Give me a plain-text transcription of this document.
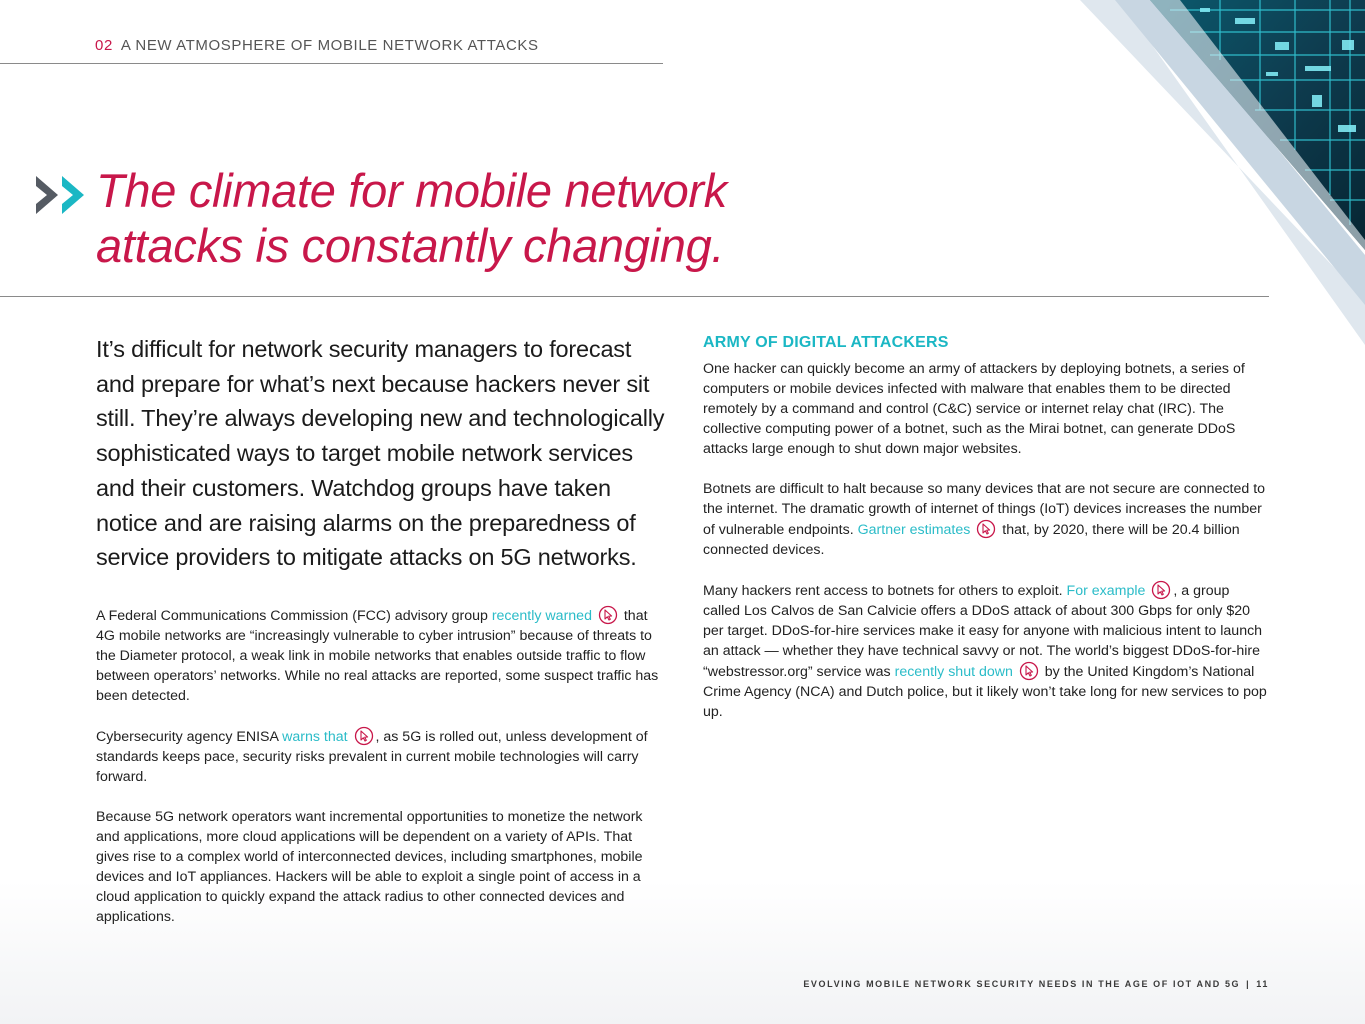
02 A NEW ATMOSPHERE OF MOBILE NETWORK ATTACKS
The climate for mobile network
attacks is constantly changing.

It’s difficult for network security managers to forecast and prepare for what’s next because hackers never sit still. They’re always developing new and technologically sophisticated ways to target mobile network services and their customers. Watchdog groups have taken notice and are raising alarms on the preparedness of service providers to mitigate attacks on 5G networks.

A Federal Communications Commission (FCC) advisory group recently warned  that 4G mobile networks are “increasingly vulnerable to cyber intrusion” because of threats to the Diameter protocol, a weak link in mobile networks that enables outside traffic to flow between operators’ networks. While no real attacks are reported, some suspect traffic has been detected.

Cybersecurity agency ENISA warns that , as 5G is rolled out, unless development of standards keeps pace, security risks prevalent in current mobile technologies will carry forward.

Because 5G network operators want incremental opportunities to monetize the network and applications, more cloud applications will be dependent on a variety of APIs. That gives rise to a complex world of interconnected devices, including smartphones, mobile devices and IoT appliances. Hackers will be able to exploit a single point of access in a cloud application to quickly expand the attack radius to other connected devices and applications.

ARMY OF DIGITAL ATTACKERS

One hacker can quickly become an army of attackers by deploying botnets, a series of computers or mobile devices infected with malware that enables them to be directed remotely by a command and control (C&C) service or internet relay chat (IRC). The collective computing power of a botnet, such as the Mirai botnet, can generate DDoS attacks large enough to shut down major websites.

Botnets are difficult to halt because so many devices that are not secure are connected to the internet. The dramatic growth of internet of things (IoT) devices increases the number of vulnerable endpoints. Gartner estimates  that, by 2020, there will be 20.4 billion connected devices.

Many hackers rent access to botnets for others to exploit. For example , a group called Los Calvos de San Calvicie offers a DDoS attack of about 300 Gbps for only $20 per target. DDoS-for-hire services make it easy for anyone with malicious intent to launch an attack — whether they have technical savvy or not. The world’s biggest DDoS-for-hire “webstressor.org” service was recently shut down  by the United Kingdom’s National Crime Agency (NCA) and Dutch police, but it likely won’t take long for new services to pop up.

EVOLVING MOBILE NETWORK SECURITY NEEDS IN THE AGE OF IOT AND 5G | 11
